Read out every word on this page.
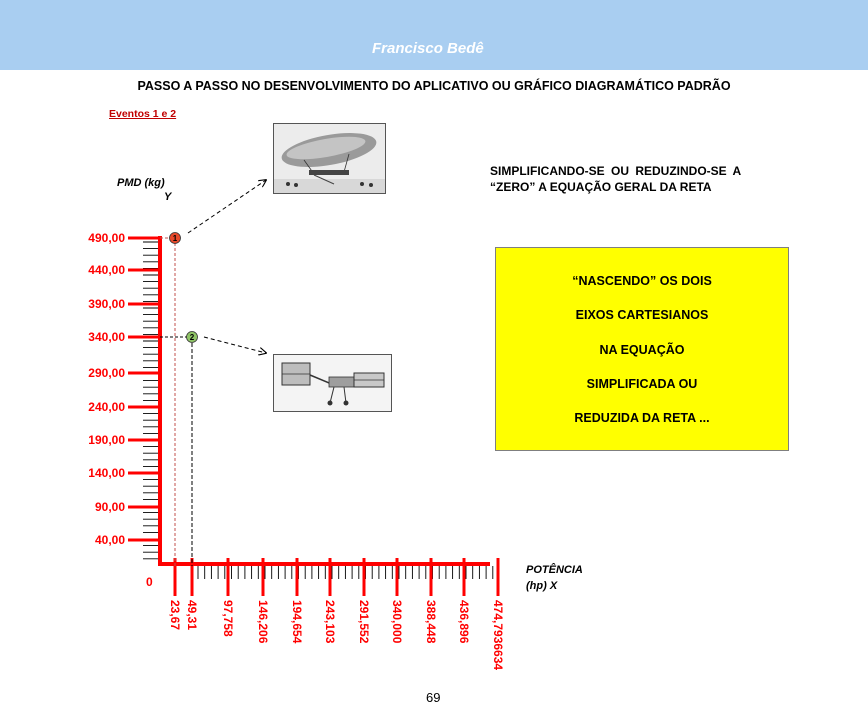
Francisco Bedê
PASSO A PASSO NO DESENVOLVIMENTO DO APLICATIVO OU GRÁFICO DIAGRAMÁTICO PADRÃO
Eventos 1 e 2
PMD (kg)
Y
POTÊNCIA
(hp) X
SIMPLIFICANDO-SE OU REDUZINDO-SE A
“ZERO” A EQUAÇÃO GERAL DA RETA
“NASCENDO” OS DOIS
EIXOS CARTESIANOS
NA EQUAÇÃO
SIMPLIFICADA OU
REDUZIDA DA RETA ...
40,00
90,00
140,00
190,00
240,00
290,00
340,00
390,00
440,00
490,00
23,67 49,31 97,758 146,206 194,654 243,103 291,552 340,000 388,448 436,896 474,7936634
0
1
2
69
